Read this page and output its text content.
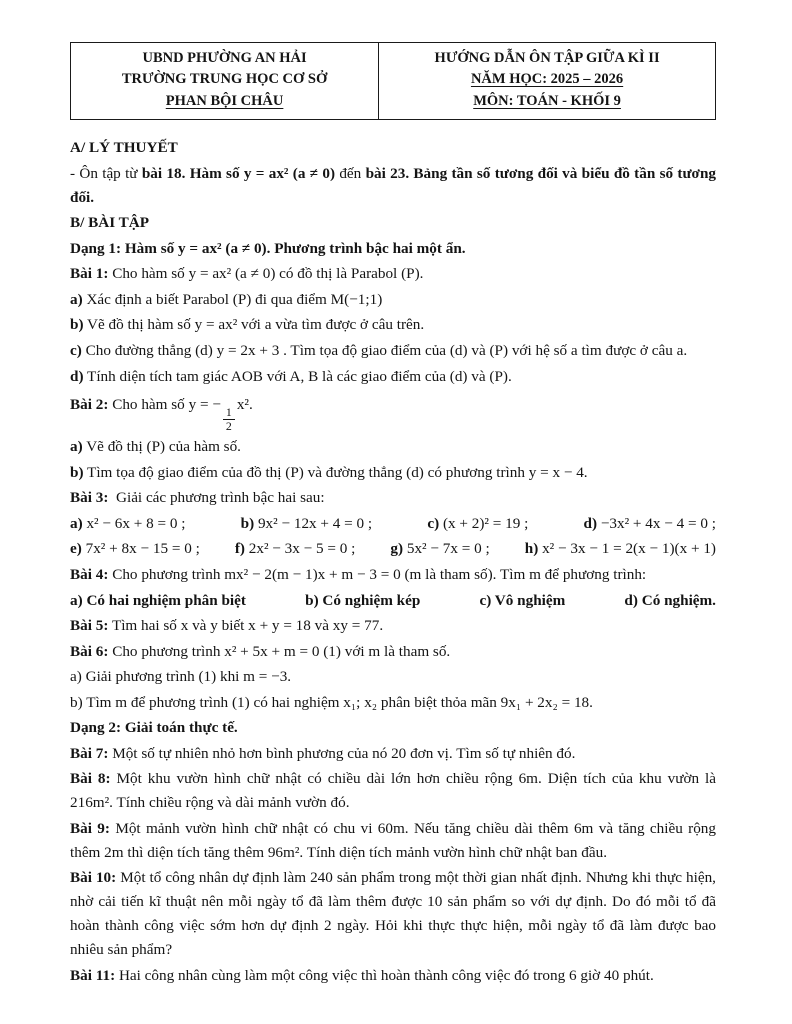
UBND PHƯỜNG AN HẢI
TRƯỜNG TRUNG HỌC CƠ SỞ
PHAN BỘI CHÂU

HƯỚNG DẪN ÔN TẬP GIỮA KÌ II
NĂM HỌC: 2025 – 2026
MÔN: TOÁN - KHỐI 9

A/ LÝ THUYẾT

- Ôn tập từ bài 18. Hàm số y = ax² (a ≠ 0) đến bài 23. Bảng tần số tương đối và biểu đồ tần số tương đối.

B/ BÀI TẬP

Dạng 1: Hàm số y = ax² (a ≠ 0). Phương trình bậc hai một ẩn.

Bài 1: Cho hàm số y = ax² (a ≠ 0) có đồ thị là Parabol (P).

a) Xác định a biết Parabol (P) đi qua điểm M(−1;1)

b) Vẽ đồ thị hàm số y = ax² với a vừa tìm được ở câu trên.

c) Cho đường thẳng (d) y = 2x + 3 . Tìm tọa độ giao điểm của (d) và (P) với hệ số a tìm được ở câu a.

d) Tính diện tích tam giác AOB với A, B là các giao điểm của (d) và (P).

Bài 2: Cho hàm số y = −
$\frac{1}{2}$
x².

a) Vẽ đồ thị (P) của hàm số.

b) Tìm tọa độ giao điểm của đồ thị (P) và đường thẳng (d) có phương trình y = x − 4.

Bài 3: Giải các phương trình bậc hai sau:

a) x² − 6x + 8 = 0 ;	b) 9x² − 12x + 4 = 0 ;	c) (x + 2)² = 19 ;	d) −3x² + 4x − 4 = 0 ;
e) 7x² + 8x − 15 = 0 ; f) 2x² − 3x − 5 = 0 ; g) 5x² − 7x = 0 ; h) x² − 3x − 1 = 2(x − 1)(x + 1)

Bài 4: Cho phương trình mx² − 2(m − 1)x + m − 3 = 0 (m là tham số). Tìm m để phương trình:

a) Có hai nghiệm phân biệt	b) Có nghiệm kép	c) Vô nghiệm	d) Có nghiệm.

Bài 5: Tìm hai số x và y biết x + y = 18 và xy = 77.

Bài 6: Cho phương trình x² + 5x + m = 0 (1) với m là tham số.

a) Giải phương trình (1) khi m = −3.

b) Tìm m để phương trình (1) có hai nghiệm x₁; x₂ phân biệt thỏa mãn 9x₁ + 2x₂ = 18.

Dạng 2: Giải toán thực tế.

Bài 7: Một số tự nhiên nhỏ hơn bình phương của nó 20 đơn vị. Tìm số tự nhiên đó.

Bài 8: Một khu vườn hình chữ nhật có chiều dài lớn hơn chiều rộng 6m. Diện tích của khu vườn là 216m². Tính chiều rộng và dài mảnh vườn đó.

Bài 9: Một mảnh vườn hình chữ nhật có chu vi 60m. Nếu tăng chiều dài thêm 6m và tăng chiều rộng thêm 2m thì diện tích tăng thêm 96m². Tính diện tích mảnh vườn hình chữ nhật ban đầu.

Bài 10: Một tổ công nhân dự định làm 240 sản phẩm trong một thời gian nhất định. Nhưng khi thực hiện, nhờ cải tiến kĩ thuật nên mỗi ngày tổ đã làm thêm được 10 sản phẩm so với dự định. Do đó mỗi tổ đã hoàn thành công việc sớm hơn dự định 2 ngày. Hỏi khi thực thực hiện, mỗi ngày tổ đã làm được bao nhiêu sản phẩm?

Bài 11: Hai công nhân cùng làm một công việc thì hoàn thành công việc đó trong 6 giờ 40 phút.
